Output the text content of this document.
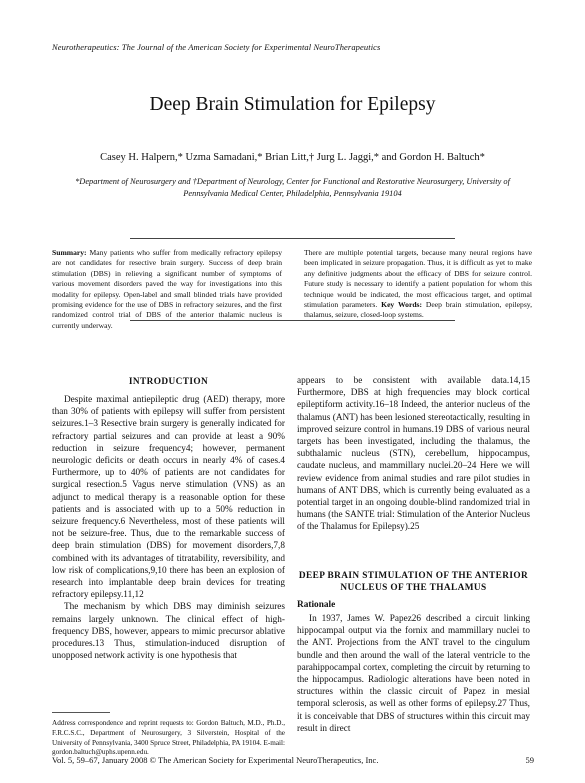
Neurotherapeutics: The Journal of the American Society for Experimental NeuroTherapeutics
Deep Brain Stimulation for Epilepsy
Casey H. Halpern,* Uzma Samadani,* Brian Litt,† Jurg L. Jaggi,* and Gordon H. Baltuch*
*Department of Neurosurgery and †Department of Neurology, Center for Functional and Restorative Neurosurgery, University of Pennsylvania Medical Center, Philadelphia, Pennsylvania 19104
Summary: Many patients who suffer from medically refractory epilepsy are not candidates for resective brain surgery. Success of deep brain stimulation (DBS) in relieving a significant number of symptoms of various movement disorders paved the way for investigations into this modality for epilepsy. Open-label and small blinded trials have provided promising evidence for the use of DBS in refractory seizures, and the first randomized control trial of DBS of the anterior thalamic nucleus is currently underway.
There are multiple potential targets, because many neural regions have been implicated in seizure propagation. Thus, it is difficult as yet to make any definitive judgments about the efficacy of DBS for seizure control. Future study is necessary to identify a patient population for whom this technique would be indicated, the most efficacious target, and optimal stimulation parameters. Key Words: Deep brain stimulation, epilepsy, thalamus, seizure, closed-loop systems.
INTRODUCTION

Despite maximal antiepileptic drug (AED) therapy, more than 30% of patients with epilepsy will suffer from persistent seizures.1–3 Resective brain surgery is generally indicated for refractory partial seizures and can provide at least a 90% reduction in seizure frequency4; however, permanent neurologic deficits or death occurs in nearly 4% of cases.4 Furthermore, up to 40% of patients are not candidates for surgical resection.5 Vagus nerve stimulation (VNS) as an adjunct to medical therapy is a reasonable option for these patients and is associated with up to a 50% reduction in seizure frequency.6 Nevertheless, most of these patients will not be seizure-free. Thus, due to the remarkable success of deep brain stimulation (DBS) for movement disorders,7,8 combined with its advantages of titratability, reversibility, and low risk of complications,9,10 there has been an explosion of research into implantable deep brain devices for treating refractory epilepsy.11,12

The mechanism by which DBS may diminish seizures remains largely unknown. The clinical effect of high-frequency DBS, however, appears to mimic precursor ablative procedures.13 Thus, stimulation-induced disruption of unopposed network activity is one hypothesis that

appears to be consistent with available data.14,15 Furthermore, DBS at high frequencies may block cortical epileptiform activity.16–18 Indeed, the anterior nucleus of the thalamus (ANT) has been lesioned stereotactically, resulting in improved seizure control in humans.19 DBS of various neural targets has been investigated, including the thalamus, the subthalamic nucleus (STN), cerebellum, hippocampus, caudate nucleus, and mammillary nuclei.20–24 Here we will review evidence from animal studies and rare pilot studies in humans of ANT DBS, which is currently being evaluated as a potential target in an ongoing double-blind randomized trial in humans (the SANTE trial: Stimulation of the Anterior Nucleus of the Thalamus for Epilepsy).25

DEEP BRAIN STIMULATION OF THE ANTERIOR NUCLEUS OF THE THALAMUS
Rationale

In 1937, James W. Papez26 described a circuit linking hippocampal output via the fornix and mammillary nuclei to the ANT. Projections from the ANT travel to the cingulum bundle and then around the wall of the lateral ventricle to the parahippocampal cortex, completing the circuit by returning to the hippocampus. Radiologic alterations have been noted in structures within the classic circuit of Papez in mesial temporal sclerosis, as well as other forms of epilepsy.27 Thus, it is conceivable that DBS of structures within this circuit may result in direct

Address correspondence and reprint requests to: Gordon Baltuch, M.D., Ph.D., F.R.C.S.C., Department of Neurosurgery, 3 Silverstein, Hospital of the University of Pennsylvania, 3400 Spruce Street, Philadelphia, PA 19104. E-mail: gordon.baltuch@uphs.upenn.edu.
Vol. 5, 59–67, January 2008 © The American Society for Experimental NeuroTherapeutics, Inc.	59
